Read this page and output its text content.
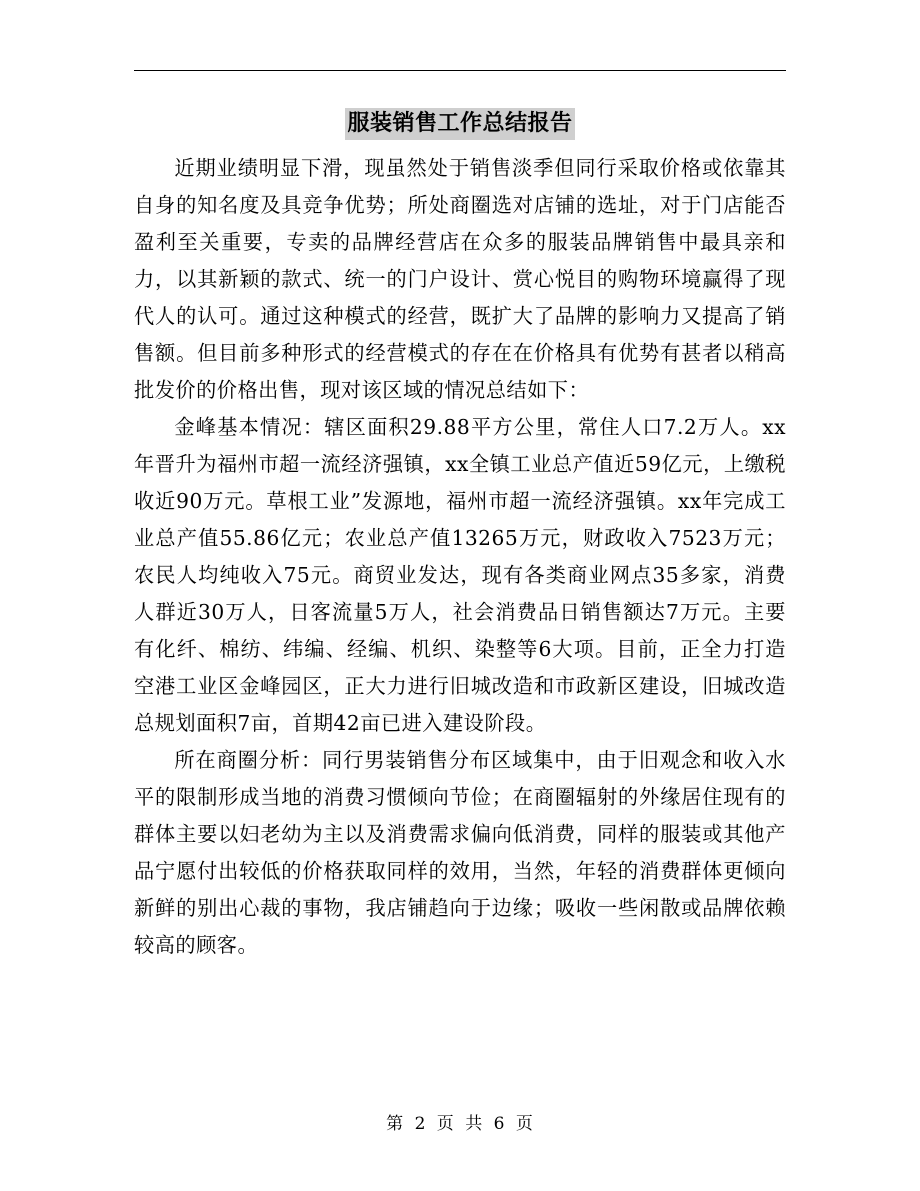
服装销售工作总结报告

近期业绩明显下滑，现虽然处于销售淡季但同行采取价格或依靠其自身的知名度及具竞争优势；所处商圈选对店铺的选址，对于门店能否盈利至关重要，专卖的品牌经营店在众多的服装品牌销售中最具亲和力，以其新颖的款式、统一的门户设计、赏心悦目的购物环境赢得了现代人的认可。通过这种模式的经营，既扩大了品牌的影响力又提高了销售额。但目前多种形式的经营模式的存在在价格具有优势有甚者以稍高批发价的价格出售，现对该区域的情况总结如下：

金峰基本情况：辖区面积29.88平方公里，常住人口7.2万人。xx年晋升为福州市超一流经济强镇，xx全镇工业总产值近59亿元，上缴税收近90万元。草根工业”发源地，福州市超一流经济强镇。xx年完成工业总产值55.86亿元；农业总产值13265万元，财政收入7523万元；农民人均纯收入75元。商贸业发达，现有各类商业网点35多家，消费人群近30万人，日客流量5万人，社会消费品日销售额达7万元。主要有化纤、棉纺、纬编、经编、机织、染整等6大项。目前，正全力打造空港工业区金峰园区，正大力进行旧城改造和市政新区建设，旧城改造总规划面积7亩，首期42亩已进入建设阶段。

所在商圈分析：同行男装销售分布区域集中，由于旧观念和收入水平的限制形成当地的消费习惯倾向节俭；在商圈辐射的外缘居住现有的群体主要以妇老幼为主以及消费需求偏向低消费，同样的服装或其他产品宁愿付出较低的价格获取同样的效用，当然，年轻的消费群体更倾向新鲜的别出心裁的事物，我店铺趋向于边缘；吸收一些闲散或品牌依赖较高的顾客。

第 2 页 共 6 页
